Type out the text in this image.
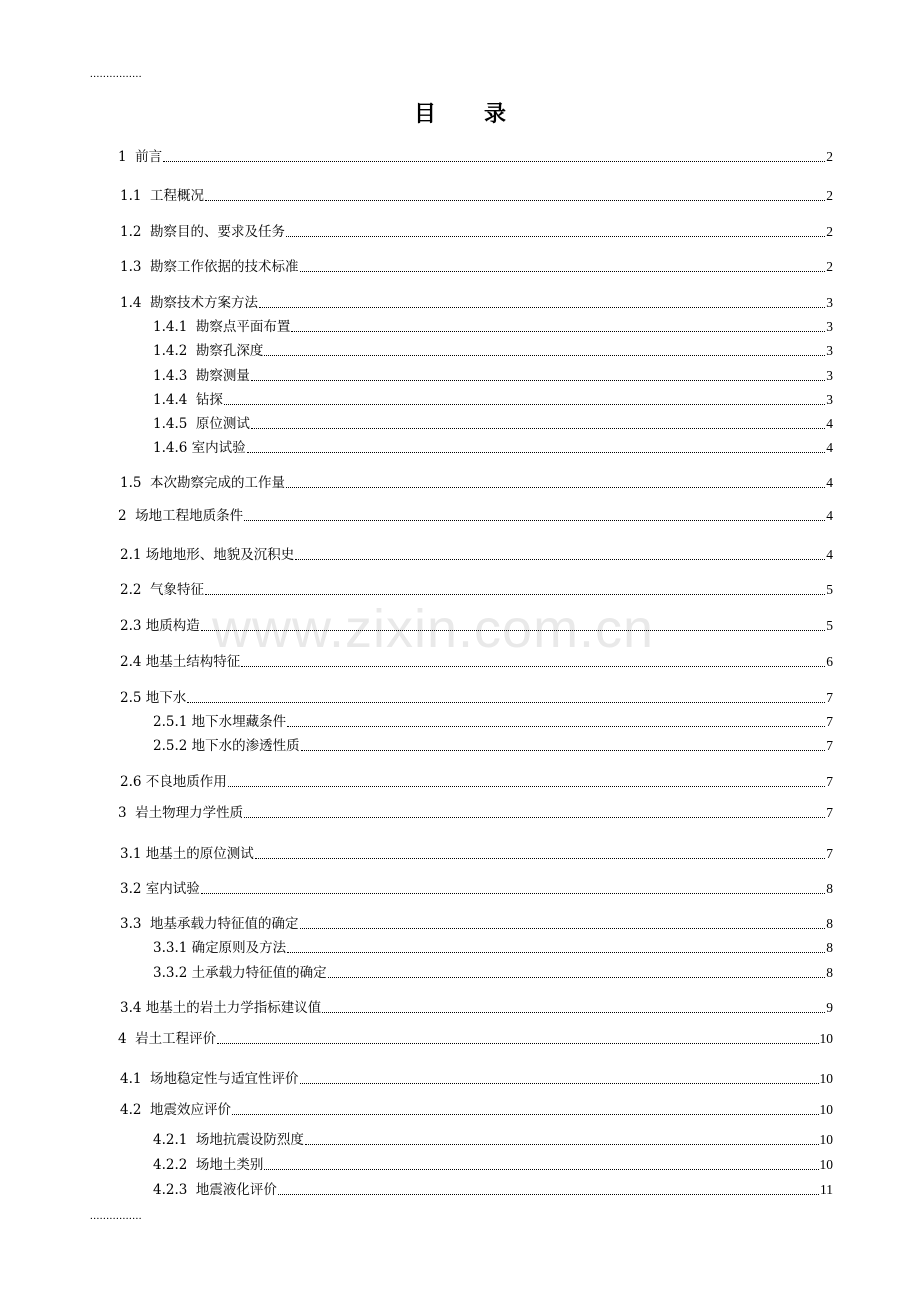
................
目 录
www.zixin.com.cn
1  前言	2
1.1  工程概况	2
1.2  勘察目的、要求及任务	2
1.3  勘察工作依据的技术标准	2
1.4  勘察技术方案方法	3
1.4.1  勘察点平面布置	3
1.4.2  勘察孔深度	3
1.4.3  勘察测量	3
1.4.4  钻探	3
1.4.5  原位测试	4
1.4.6 室内试验	4
1.5  本次勘察完成的工作量	4
2  场地工程地质条件	4
2.1 场地地形、地貌及沉积史	4
2.2  气象特征	5
2.3 地质构造	5
2.4 地基土结构特征	6
2.5 地下水	7
2.5.1 地下水埋藏条件	7
2.5.2 地下水的渗透性质	7
2.6 不良地质作用	7
3  岩土物理力学性质	7
3.1 地基土的原位测试	7
3.2 室内试验	8
3.3  地基承载力特征值的确定	8
3.3.1 确定原则及方法	8
3.3.2 土承载力特征值的确定	8
3.4 地基土的岩土力学指标建议值	9
4  岩土工程评价	10
4.1  场地稳定性与适宜性评价	10
4.2  地震效应评价	10
4.2.1  场地抗震设防烈度	10
4.2.2  场地土类别	10
4.2.3  地震液化评价	11
................
